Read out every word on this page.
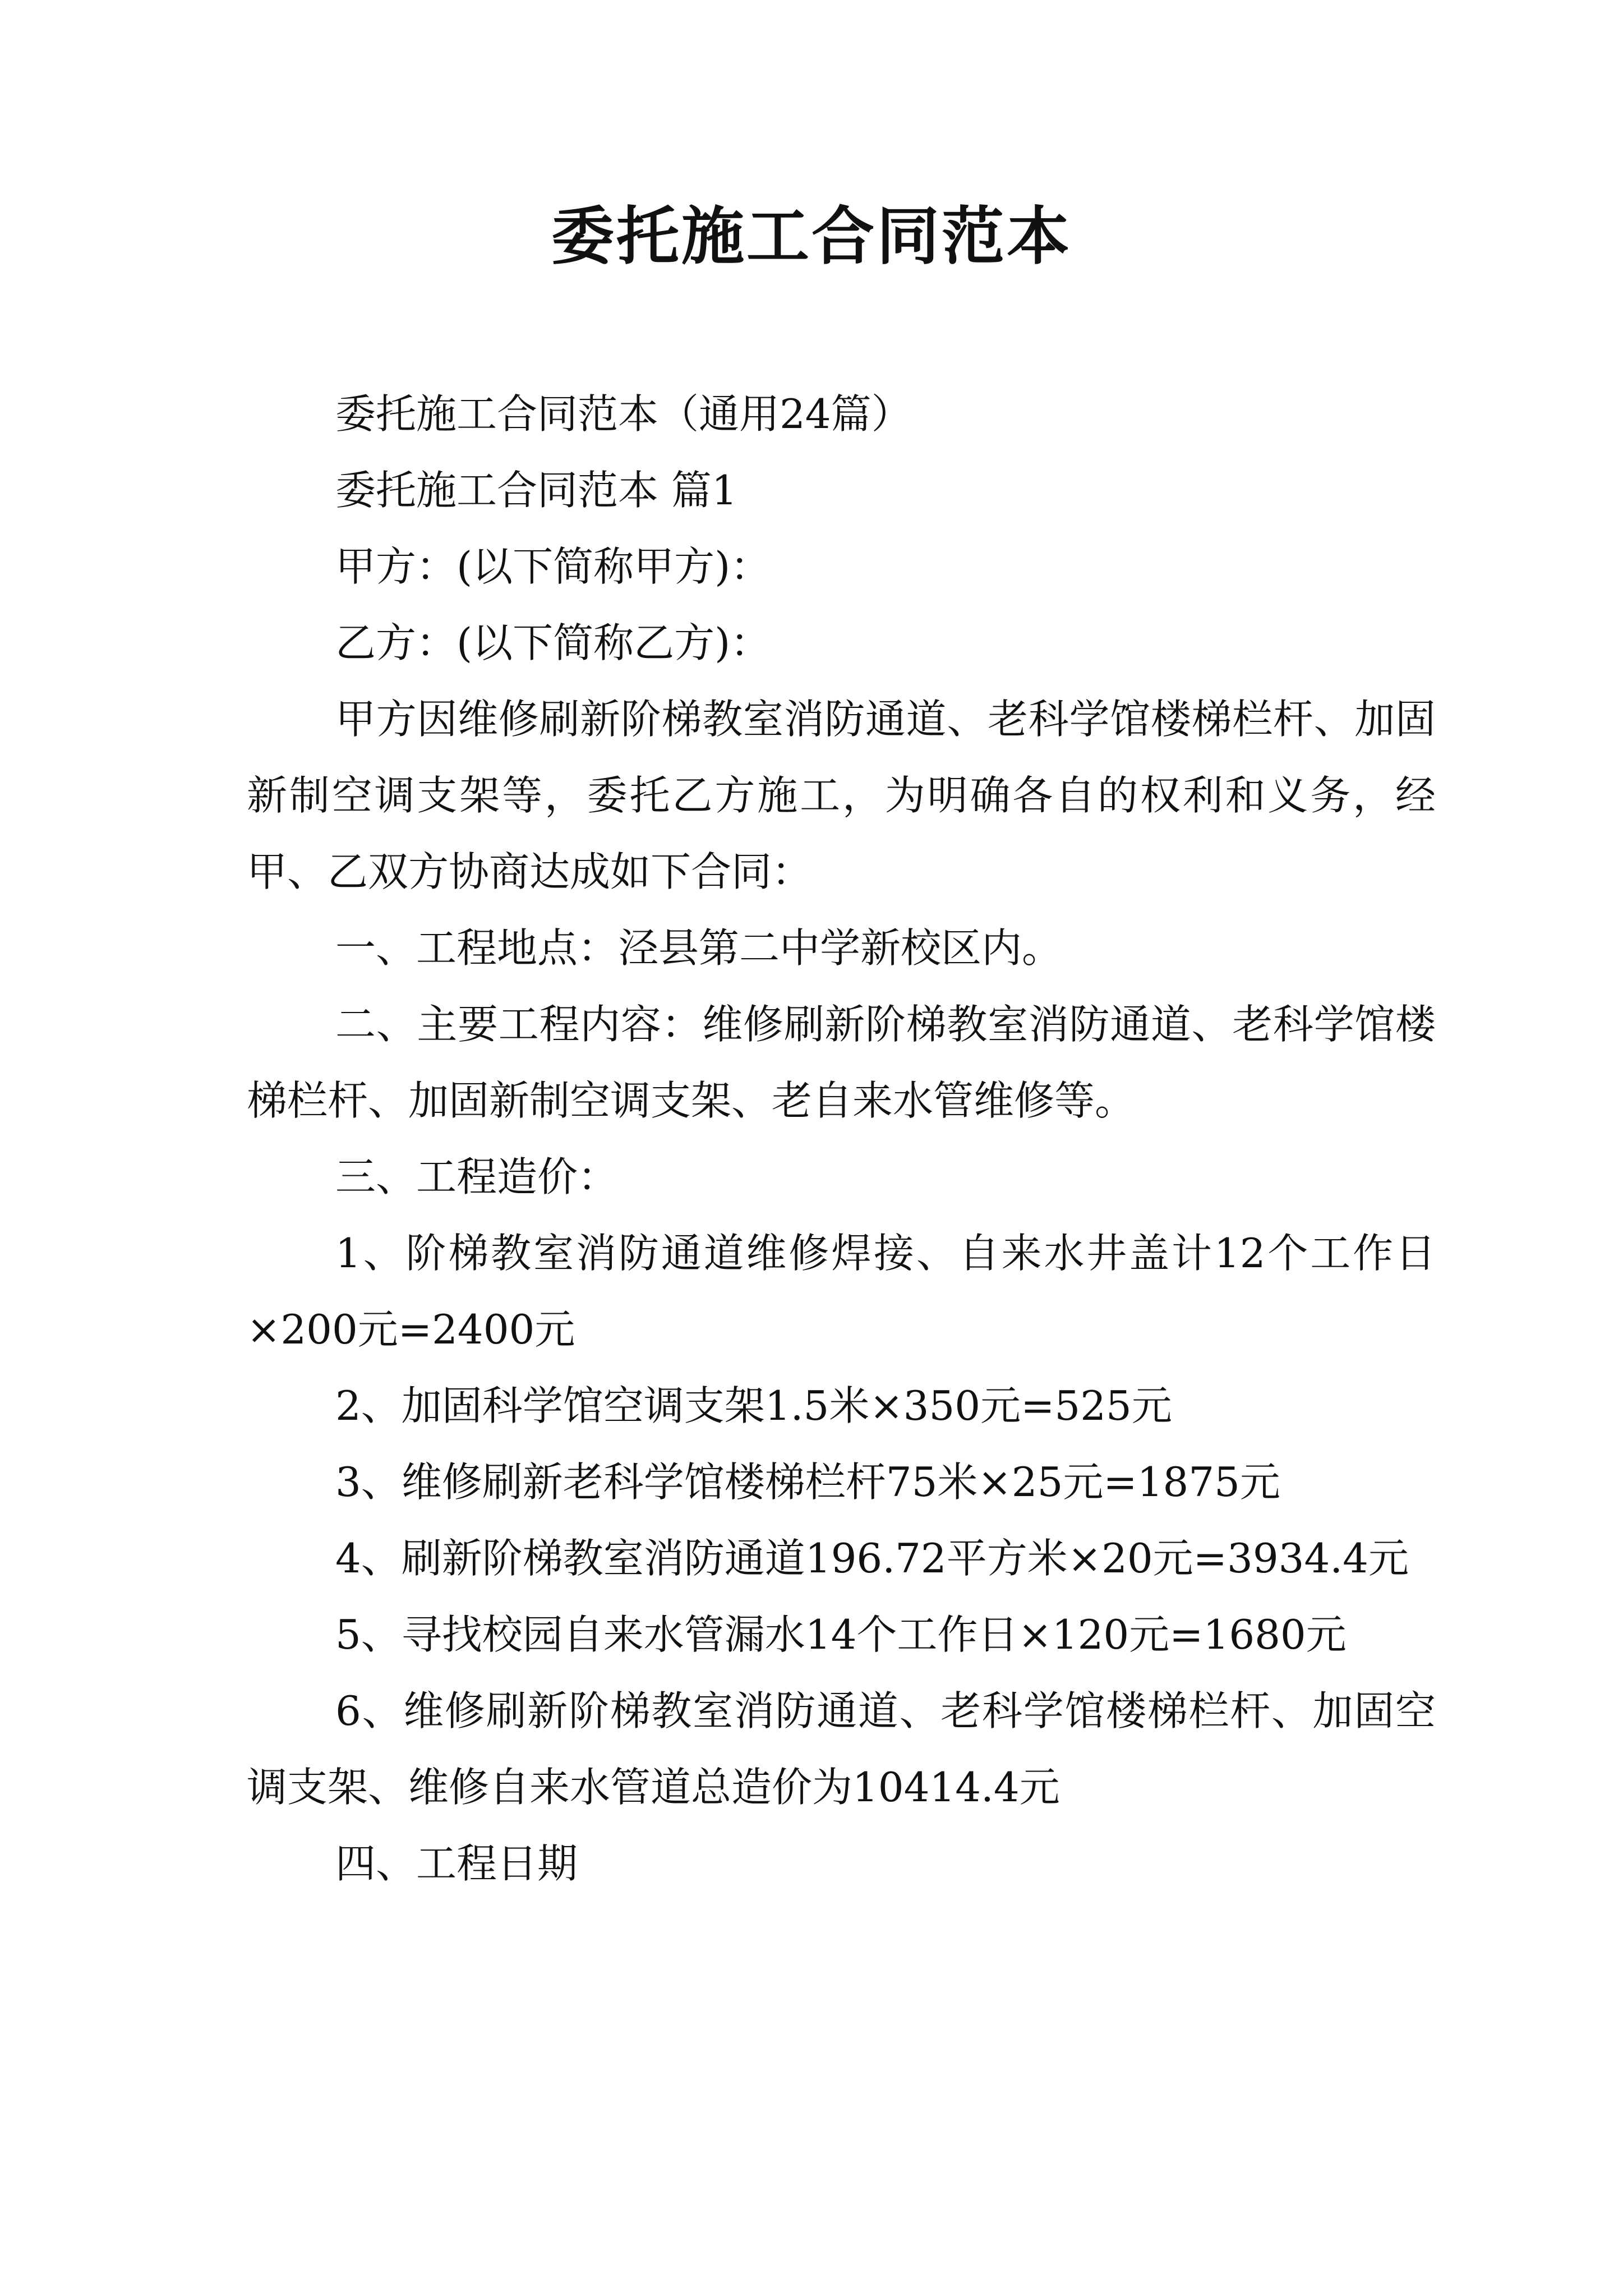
委托施工合同范本

委托施工合同范本（通用24篇）

委托施工合同范本 篇1

甲方：(以下简称甲方)：

乙方：(以下简称乙方)：

甲方因维修刷新阶梯教室消防通道、老科学馆楼梯栏杆、加固新制空调支架等，委托乙方施工，为明确各自的权利和义务，经甲、乙双方协商达成如下合同：

一、工程地点：泾县第二中学新校区内。

二、主要工程内容：维修刷新阶梯教室消防通道、老科学馆楼梯栏杆、加固新制空调支架、老自来水管维修等。

三、工程造价：

1、阶梯教室消防通道维修焊接、自来水井盖计12个工作日×200元=2400元

2、加固科学馆空调支架1.5米×350元=525元

3、维修刷新老科学馆楼梯栏杆75米×25元=1875元

4、刷新阶梯教室消防通道196.72平方米×20元=3934.4元

5、寻找校园自来水管漏水14个工作日×120元=1680元

6、维修刷新阶梯教室消防通道、老科学馆楼梯栏杆、加固空调支架、维修自来水管道总造价为10414.4元

四、工程日期
